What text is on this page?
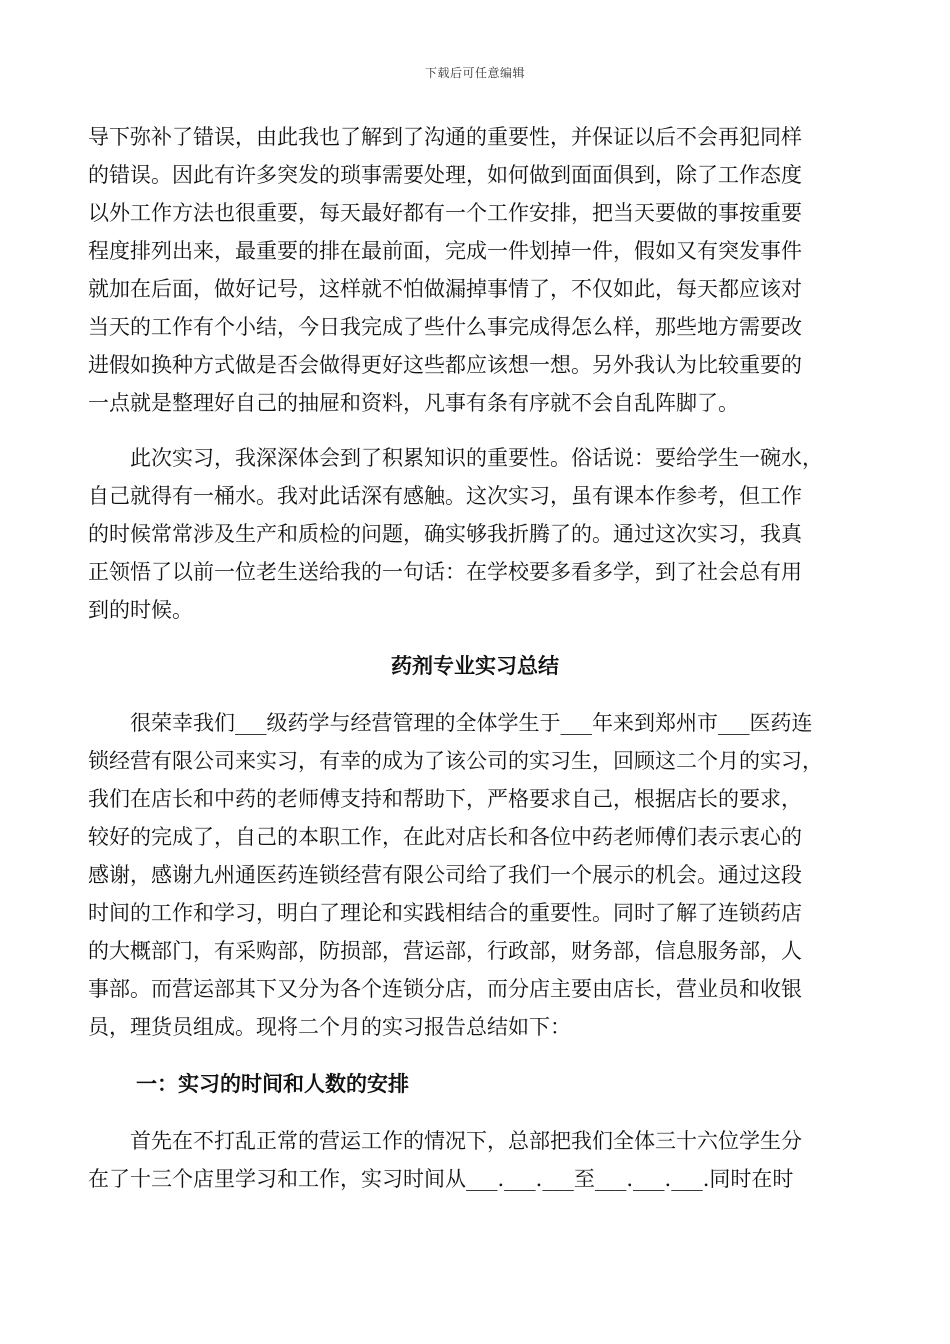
下载后可任意编辑
导下弥补了错误，由此我也了解到了沟通的重要性，并保证以后不会再犯同样
的错误。因此有许多突发的琐事需要处理，如何做到面面俱到，除了工作态度
以外工作方法也很重要，每天最好都有一个工作安排，把当天要做的事按重要
程度排列出来，最重要的排在最前面，完成一件划掉一件，假如又有突发事件
就加在后面，做好记号，这样就不怕做漏掉事情了，不仅如此，每天都应该对
当天的工作有个小结，今日我完成了些什么事完成得怎么样，那些地方需要改
进假如换种方式做是否会做得更好这些都应该想一想。另外我认为比较重要的
一点就是整理好自己的抽屉和资料，凡事有条有序就不会自乱阵脚了。
　　此次实习，我深深体会到了积累知识的重要性。俗话说：要给学生一碗水，
自己就得有一桶水。我对此话深有感触。这次实习，虽有课本作参考，但工作
的时候常常涉及生产和质检的问题，确实够我折腾了的。通过这次实习，我真
正领悟了以前一位老生送给我的一句话：在学校要多看多学，到了社会总有用
到的时候。
药剂专业实习总结
　　很荣幸我们___级药学与经营管理的全体学生于___年来到郑州市___医药连
锁经营有限公司来实习，有幸的成为了该公司的实习生，回顾这二个月的实习，
我们在店长和中药的老师傅支持和帮助下，严格要求自己，根据店长的要求，
较好的完成了，自己的本职工作，在此对店长和各位中药老师傅们表示衷心的
感谢，感谢九州通医药连锁经营有限公司给了我们一个展示的机会。通过这段
时间的工作和学习，明白了理论和实践相结合的重要性。同时了解了连锁药店
的大概部门，有采购部，防损部，营运部，行政部，财务部，信息服务部，人
事部。而营运部其下又分为各个连锁分店，而分店主要由店长，营业员和收银
员，理货员组成。现将二个月的实习报告总结如下：
一：实习的时间和人数的安排
　　首先在不打乱正常的营运工作的情况下，总部把我们全体三十六位学生分
在了十三个店里学习和工作，实习时间从___.___.___至___.___.___.同时在时
